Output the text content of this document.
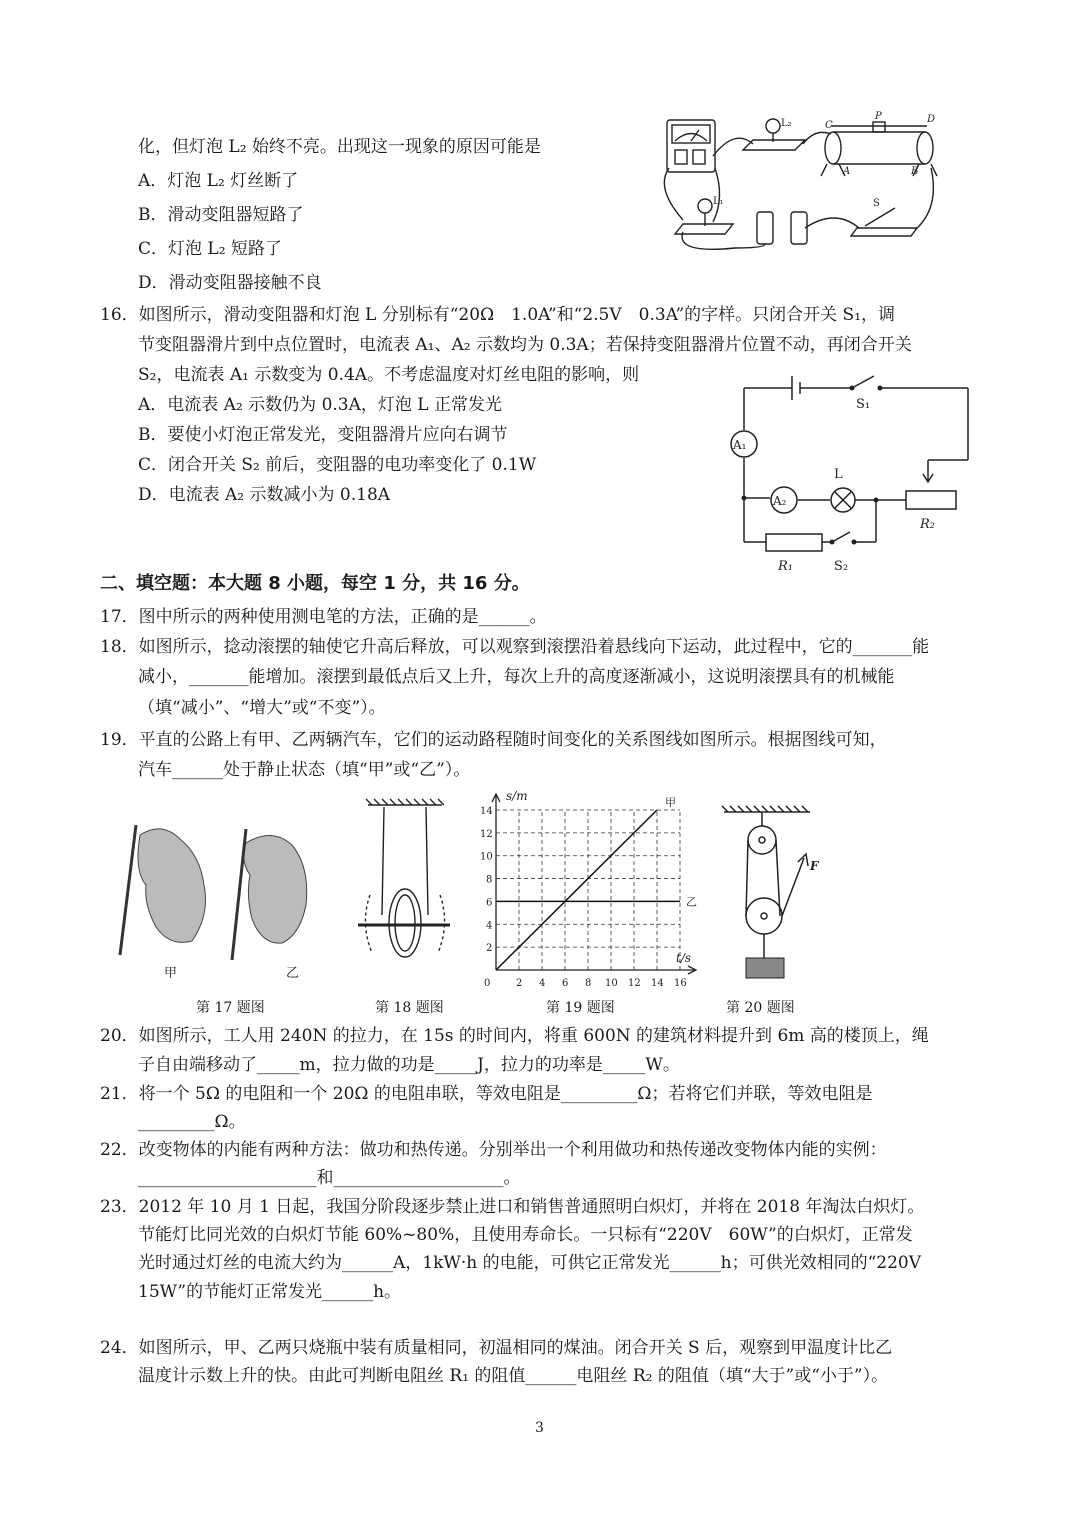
化，但灯泡 L₂ 始终不亮。出现这一现象的原因可能是
A．灯泡 L₂ 灯丝断了
B．滑动变阻器短路了
C．灯泡 L₂ 短路了
D．滑动变阻器接触不良
16．如图所示，滑动变阻器和灯泡 L 分别标有“20Ω　1.0A”和“2.5V　0.3A”的字样。只闭合开关 S₁，调
节变阻器滑片到中点位置时，电流表 A₁、A₂ 示数均为 0.3A；若保持变阻器滑片位置不动，再闭合开关
S₂，电流表 A₁ 示数变为 0.4A。不考虑温度对灯丝电阻的影响，则
A．电流表 A₂ 示数仍为 0.3A，灯泡 L 正常发光
B．要使小灯泡正常发光，变阻器滑片应向右调节
C．闭合开关 S₂ 前后，变阻器的电功率变化了 0.1W
D．电流表 A₂ 示数减小为 0.18A
二、填空题：本大题 8 小题，每空 1 分，共 16 分。
17．图中所示的两种使用测电笔的方法，正确的是______。
18．如图所示，捻动滚摆的轴使它升高后释放，可以观察到滚摆沿着悬线向下运动，此过程中，它的_______能
减小，_______能增加。滚摆到最低点后又上升，每次上升的高度逐渐减小，这说明滚摆具有的机械能
（填“减小”、“增大”或“不变”）。
19．平直的公路上有甲、乙两辆汽车，它们的运动路程随时间变化的关系图线如图所示。根据图线可知，
汽车______处于静止状态（填“甲”或“乙”）。
20．如图所示，工人用 240N 的拉力，在 15s 的时间内，将重 600N 的建筑材料提升到 6m 高的楼顶上，绳
子自由端移动了_____m，拉力做的功是_____J，拉力的功率是_____W。
21．将一个 5Ω 的电阻和一个 20Ω 的电阻串联，等效电阻是_________Ω；若将它们并联，等效电阻是
_________Ω。
22．改变物体的内能有两种方法：做功和热传递。分别举出一个利用做功和热传递改变物体内能的实例：
_____________________和____________________。
23．2012 年 10 月 1 日起，我国分阶段逐步禁止进口和销售普通照明白炽灯，并将在 2018 年淘汰白炽灯。
节能灯比同光效的白炽灯节能 60%~80%，且使用寿命长。一只标有“220V　60W”的白炽灯，正常发
光时通过灯丝的电流大约为______A，1kW·h 的电能，可供它正常发光______h；可供光效相同的“220V
15W”的节能灯正常发光______h。
24．如图所示，甲、乙两只烧瓶中装有质量相同，初温相同的煤油。闭合开关 S 后，观察到甲温度计比乙
温度计示数上升的快。由此可判断电阻丝 R₁ 的阻值______电阻丝 R₂ 的阻值（填“大于”或“小于”）。
第 17 题图	第 18 题图	第 19 题图	第 20 题图
3
L₂	C
P	D
A	B
L₁	S
S₁
A₁
L
A₂
R₂
R₁	S₂
甲	乙
0	2 4 6 8 10 12 14 16
2
4
6
8
10
12
14
s/m
t/s
甲
乙
F
